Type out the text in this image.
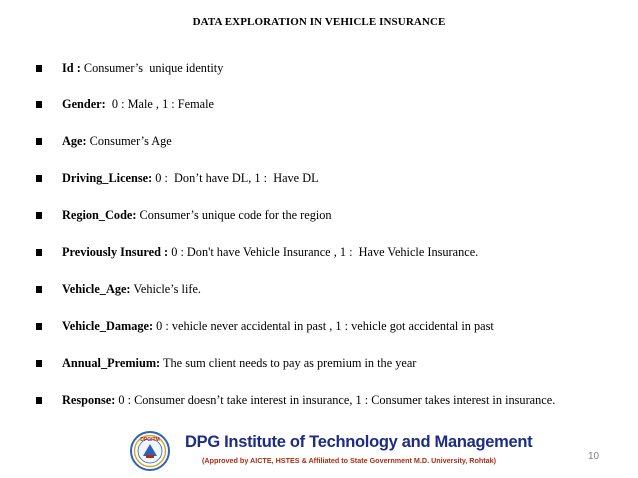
DATA EXPLORATION IN VEHICLE INSURANCE
Id : Consumer’s  unique identity
Gender: 0 : Male , 1 : Female
Age: Consumer’s Age
Driving_License: 0 :  Don’t have DL, 1 :  Have DL
Region_Code: Consumer’s unique code for the region
Previously Insured : 0 : Don't have Vehicle Insurance , 1 :  Have Vehicle Insurance.
Vehicle_Age: Vehicle’s life.
Vehicle_Damage: 0 : vehicle never accidental in past , 1 : vehicle got accidental in past
Annual_Premium: The sum client needs to pay as premium in the year
Response: 0 : Consumer doesn’t take interest in insurance, 1 : Consumer takes interest in insurance.
DPGITM DPG Institute of Technology and Management
(Approved by AICTE, HSTES & Affiliated to State Government M.D. University, Rohtak)	10
